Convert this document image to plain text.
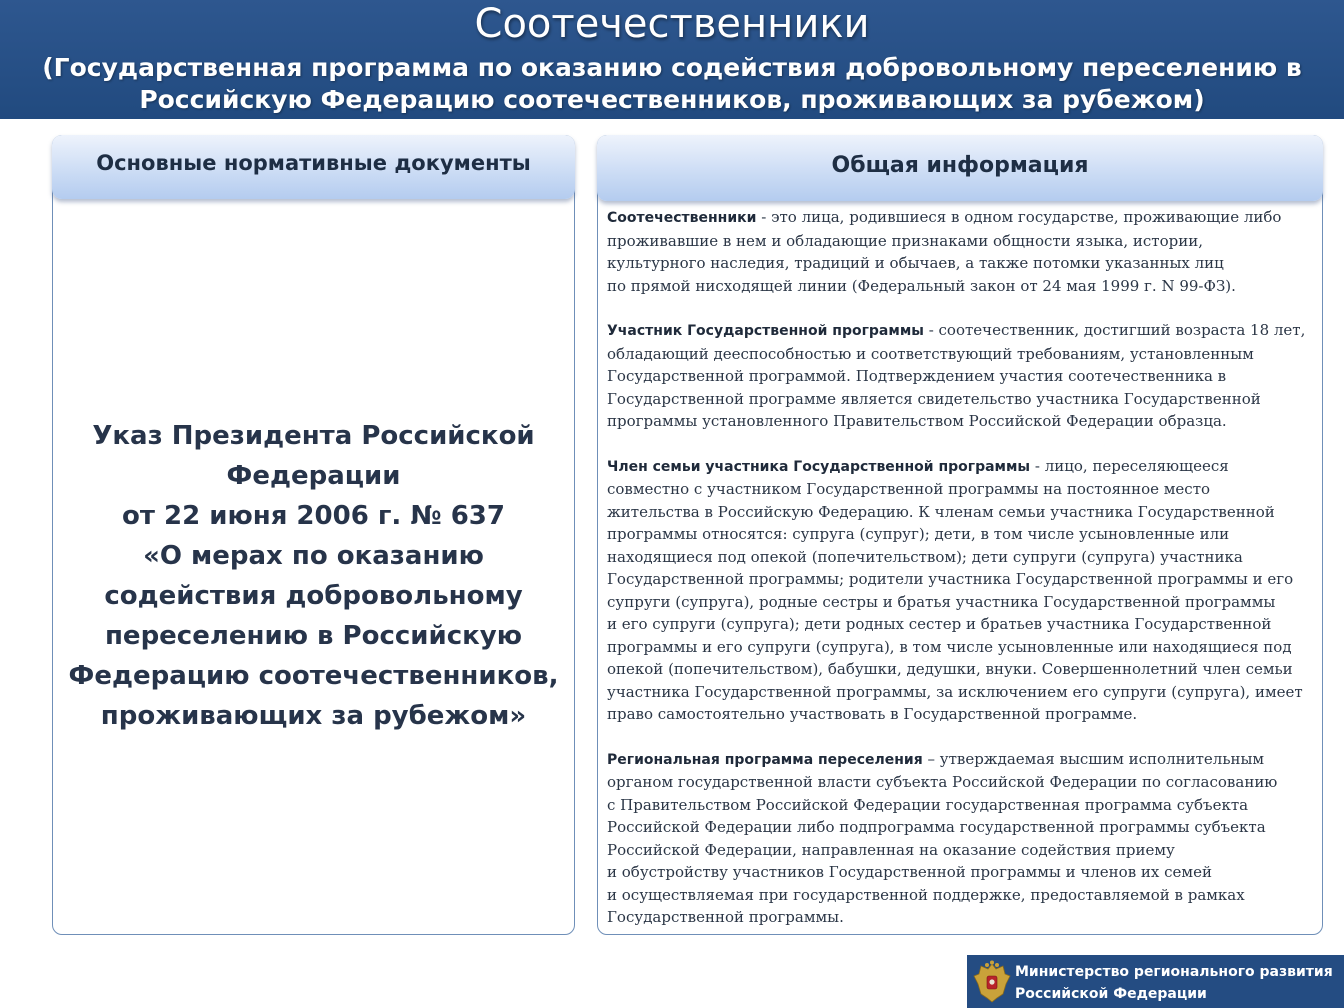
Соотечественники
(Государственная программа по оказанию содействия добровольному переселению в
Российскую Федерацию соотечественников, проживающих за рубежом)
Основные нормативные документы
Указ Президента Российской
Федерации
от 22 июня 2006 г. № 637
«О мерах по оказанию
содействия добровольному
переселению в Российскую
Федерацию соотечественников,
проживающих за рубежом»
Общая информация
Соотечественники - это лица, родившиеся в одном государстве, проживающие либо
проживавшие в нем и обладающие признаками общности языка, истории,
культурного наследия, традиций и обычаев, а также потомки указанных лиц
по прямой нисходящей линии (Федеральный закон от 24 мая 1999 г. N 99-ФЗ).
Участник Государственной программы - соотечественник, достигший возраста 18 лет,
обладающий дееспособностью и соответствующий требованиям, установленным
Государственной программой. Подтверждением участия соотечественника в
Государственной программе является свидетельство участника Государственной
программы установленного Правительством Российской Федерации образца.
Член семьи участника Государственной программы - лицо, переселяющееся
совместно с участником Государственной программы на постоянное место
жительства в Российскую Федерацию. К членам семьи участника Государственной
программы относятся: супруга (супруг); дети, в том числе усыновленные или
находящиеся под опекой (попечительством); дети супруги (супруга) участника
Государственной программы; родители участника Государственной программы и его
супруги (супруга), родные сестры и братья участника Государственной программы
и его супруги (супруга); дети родных сестер и братьев участника Государственной
программы и его супруги (супруга), в том числе усыновленные или находящиеся под
опекой (попечительством), бабушки, дедушки, внуки. Совершеннолетний член семьи
участника Государственной программы, за исключением его супруги (супруга), имеет
право самостоятельно участвовать в Государственной программе.
Региональная программа переселения – утверждаемая высшим исполнительным
органом государственной власти субъекта Российской Федерации по согласованию
с Правительством Российской Федерации государственная программа субъекта
Российской Федерации либо подпрограмма государственной программы субъекта
Российской Федерации, направленная на оказание содействия приему
и обустройству участников Государственной программы и членов их семей
и осуществляемая при государственной поддержке, предоставляемой в рамках
Государственной программы.
Министерство регионального развития
Российской Федерации
